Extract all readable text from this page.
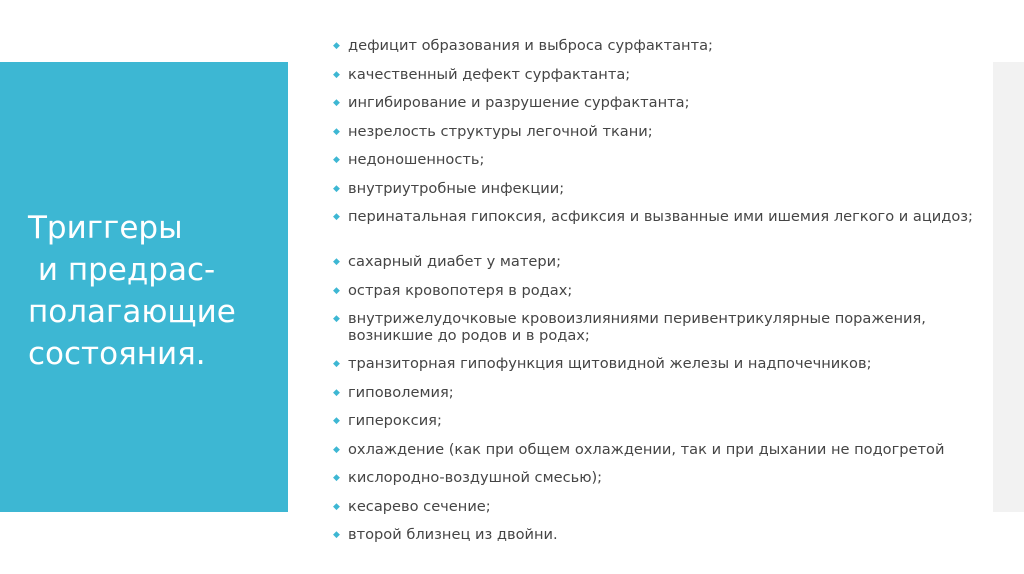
Триггеры
и предрас-
полагающие
состояния.
◆ дефицит образования и выброса сурфактанта;
◆ качественный дефект сурфактанта;
◆ ингибирование и разрушение сурфактанта;
◆ незрелость структуры легочной ткани;
◆ недоношенность;
◆ внутриутробные инфекции;
◆ перинатальная гипоксия, асфиксия и вызванные ими ишемия легкого и ацидоз;
◆ сахарный диабет у матери;
◆ острая кровопотеря в родах;
◆ внутрижелудочковые кровоизлияниями перивентрикулярные поражения, возникшие до родов и в родах;
◆ транзиторная гипофункция щитовидной железы и надпочечников;
◆ гиповолемия;
◆ гипероксия;
◆ охлаждение (как при общем охлаждении, так и при дыхании не подогретой
◆ кислородно-воздушной смесью);
◆ кесарево сечение;
◆ второй близнец из двойни.
